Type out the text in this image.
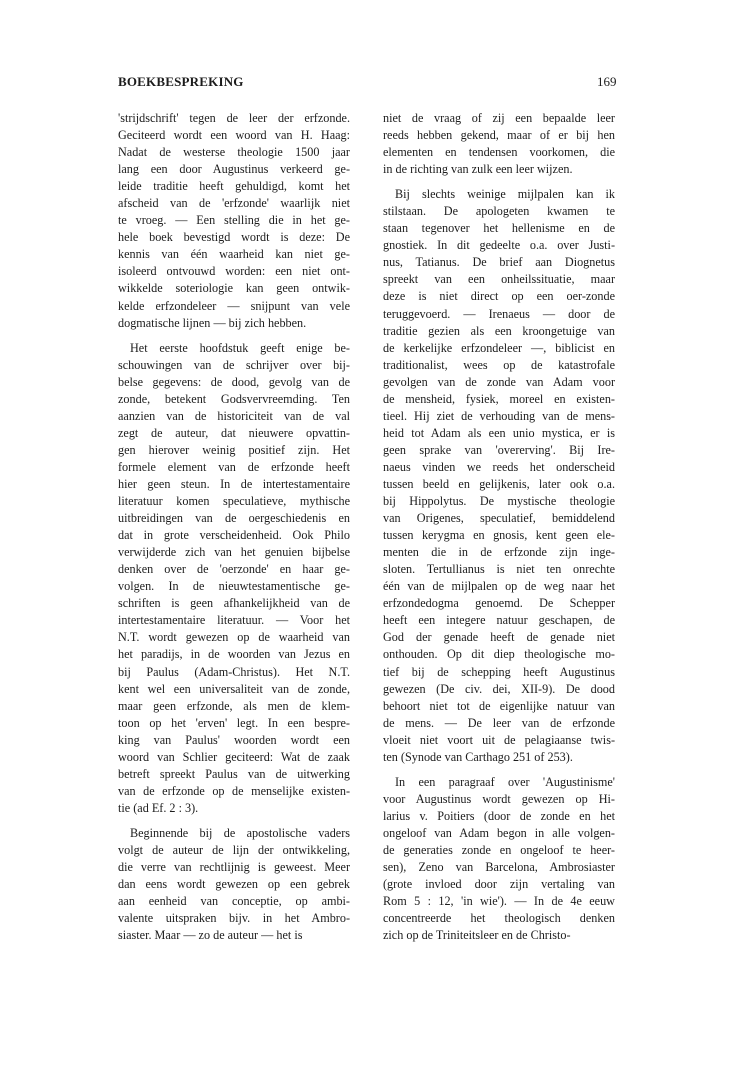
BOEKBESPREKING	169
'strijdschrift' tegen de leer der erfzonde.
Geciteerd wordt een woord van H. Haag:
Nadat de westerse theologie 1500 jaar
lang een door Augustinus verkeerd ge-
leide traditie heeft gehuldigd, komt het
afscheid van de 'erfzonde' waarlijk niet
te vroeg. — Een stelling die in het ge-
hele boek bevestigd wordt is deze: De
kennis van één waarheid kan niet ge-
isoleerd ontvouwd worden: een niet ont-
wikkelde soteriologie kan geen ontwik-
kelde erfzondeleer — snijpunt van vele
dogmatische lijnen — bij zich hebben.
Het eerste hoofdstuk geeft enige be-
schouwingen van de schrijver over bij-
belse gegevens: de dood, gevolg van de
zonde, betekent Godsvervreemding. Ten
aanzien van de historiciteit van de val
zegt de auteur, dat nieuwere opvattin-
gen hierover weinig positief zijn. Het
formele element van de erfzonde heeft
hier geen steun. In de intertestamentaire
literatuur komen speculatieve, mythische
uitbreidingen van de oergeschiedenis en
dat in grote verscheidenheid. Ook Philo
verwijderde zich van het genuien bijbelse
denken over de 'oerzonde' en haar ge-
volgen. In de nieuwtestamentische ge-
schriften is geen afhankelijkheid van de
intertestamentaire literatuur. — Voor het
N.T. wordt gewezen op de waarheid van
het paradijs, in de woorden van Jezus en
bij Paulus (Adam-Christus). Het N.T.
kent wel een universaliteit van de zonde,
maar geen erfzonde, als men de klem-
toon op het 'erven' legt. In een bespre-
king van Paulus' woorden wordt een
woord van Schlier geciteerd: Wat de zaak
betreft spreekt Paulus van de uitwerking
van de erfzonde op de menselijke existen-
tie (ad Ef. 2 : 3).
Beginnende bij de apostolische vaders
volgt de auteur de lijn der ontwikkeling,
die verre van rechtlijnig is geweest. Meer
dan eens wordt gewezen op een gebrek
aan eenheid van conceptie, op ambi-
valente uitspraken bijv. in het Ambro-
siaster. Maar — zo de auteur — het is
niet de vraag of zij een bepaalde leer
reeds hebben gekend, maar of er bij hen
elementen en tendensen voorkomen, die
in de richting van zulk een leer wijzen.
Bij slechts weinige mijlpalen kan ik
stilstaan. De apologeten kwamen te
staan tegenover het hellenisme en de
gnostiek. In dit gedeelte o.a. over Justi-
nus, Tatianus. De brief aan Diognetus
spreekt van een onheilssituatie, maar
deze is niet direct op een oer-zonde
teruggevoerd. — Irenaeus — door de
traditie gezien als een kroongetuige van
de kerkelijke erfzondeleer —, biblicist en
traditionalist, wees op de katastrofale
gevolgen van de zonde van Adam voor
de mensheid, fysiek, moreel en existen-
tieel. Hij ziet de verhouding van de mens-
heid tot Adam als een unio mystica, er is
geen sprake van 'overerving'. Bij Ire-
naeus vinden we reeds het onderscheid
tussen beeld en gelijkenis, later ook o.a.
bij Hippolytus. De mystische theologie
van Origenes, speculatief, bemiddelend
tussen kerygma en gnosis, kent geen ele-
menten die in de erfzonde zijn inge-
sloten. Tertullianus is niet ten onrechte
één van de mijlpalen op de weg naar het
erfzondedogma genoemd. De Schepper
heeft een integere natuur geschapen, de
God der genade heeft de genade niet
onthouden. Op dit diep theologische mo-
tief bij de schepping heeft Augustinus
gewezen (De civ. dei, XII-9). De dood
behoort niet tot de eigenlijke natuur van
de mens. — De leer van de erfzonde
vloeit niet voort uit de pelagiaanse twis-
ten (Synode van Carthago 251 of 253).
In een paragraaf over 'Augustinisme'
voor Augustinus wordt gewezen op Hi-
larius v. Poitiers (door de zonde en het
ongeloof van Adam begon in alle volgen-
de generaties zonde en ongeloof te heer-
sen), Zeno van Barcelona, Ambrosiaster
(grote invloed door zijn vertaling van
Rom 5 : 12, 'in wie'). — In de 4e eeuw
concentreerde het theologisch denken
zich op de Triniteitsleer en de Christo-
